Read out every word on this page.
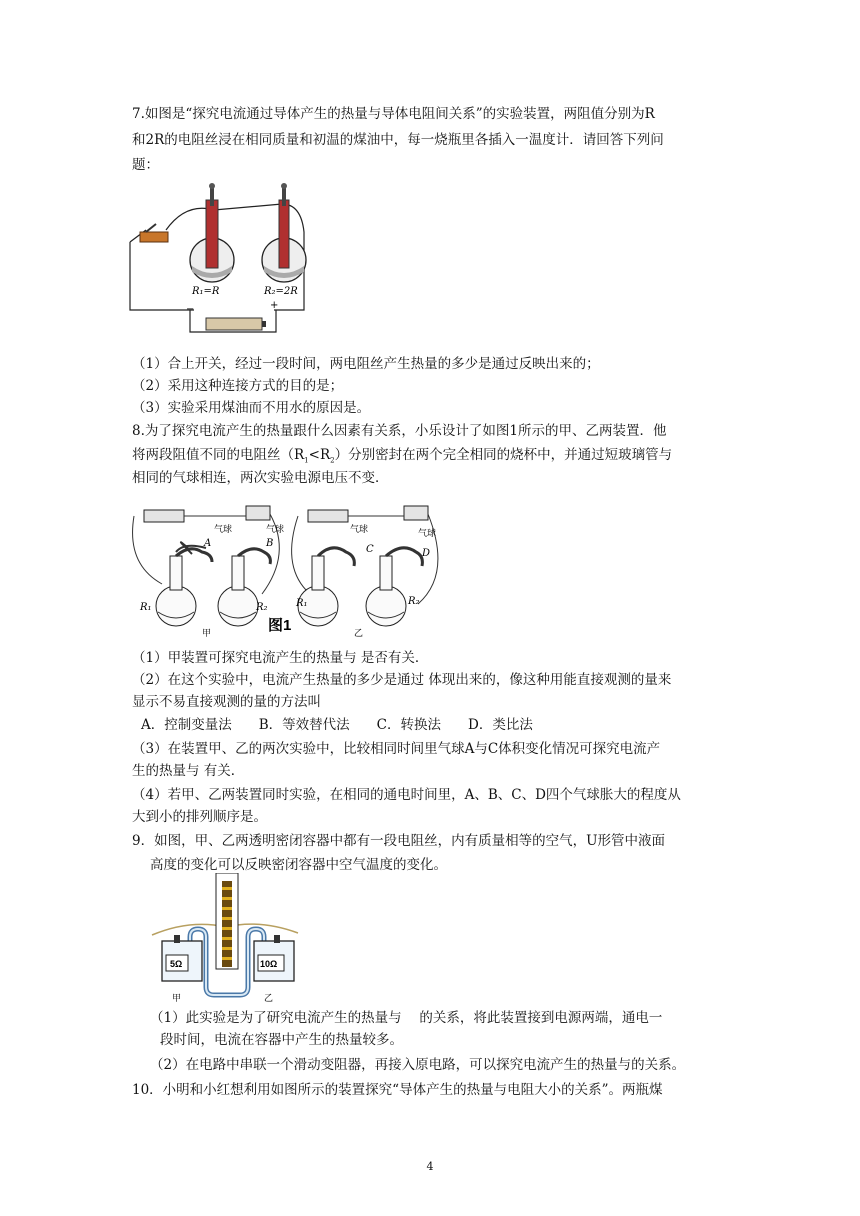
7.如图是“探究电流通过导体产生的热量与导体电阻间关系”的实验装置，两阻值分别为R
和2R的电阻丝浸在相同质量和初温的煤油中，每一烧瓶里各插入一温度计．请回答下列问
题：
R₁=R	R₂=2R
−	+
（1）合上开关，经过一段时间，两电阻丝产生热量的多少是通过反映出来的；
（2）采用这种连接方式的目的是；
（3）实验采用煤油而不用水的原因是。
8.为了探究电流产生的热量跟什么因素有关系，小乐设计了如图1所示的甲、乙两装置．他
将两段阻值不同的电阻丝$(R_1<R_2)$分别密封在两个完全相同的烧杯中，并通过短玻璃管与
相同的气球相连，两次实验电源电压不变．
气球	气球
A	B
R₁	R₂
甲	图1
气球	气球
C	D
R₁	R₂
乙
（1）甲装置可探究电流产生的热量与 是否有关．
（2）在这个实验中，电流产生热量的多少是通过 体现出来的，像这种用能直接观测的量来
显示不易直接观测的量的方法叫
A．控制变量法　　B．等效替代法　　C．转换法　　D．类比法
（3）在装置甲、乙的两次实验中，比较相同时间里气球A与C体积变化情况可探究电流产
生的热量与 有关．
（4）若甲、乙两装置同时实验，在相同的通电时间里，A、B、C、D四个气球胀大的程度从
大到小的排列顺序是。
9．如图，甲、乙两透明密闭容器中都有一段电阻丝，内有质量相等的空气，U形管中液面
高度的变化可以反映密闭容器中空气温度的变化。
5Ω	10Ω
甲	乙
（1）此实验是为了研究电流产生的热量与　 的关系，将此装置接到电源两端，通电一
段时间，电流在容器中产生的热量较多。
（2）在电路中串联一个滑动变阻器，再接入原电路，可以探究电流产生的热量与的关系。
10．小明和小红想利用如图所示的装置探究“导体产生的热量与电阻大小的关系”。两瓶煤
4
